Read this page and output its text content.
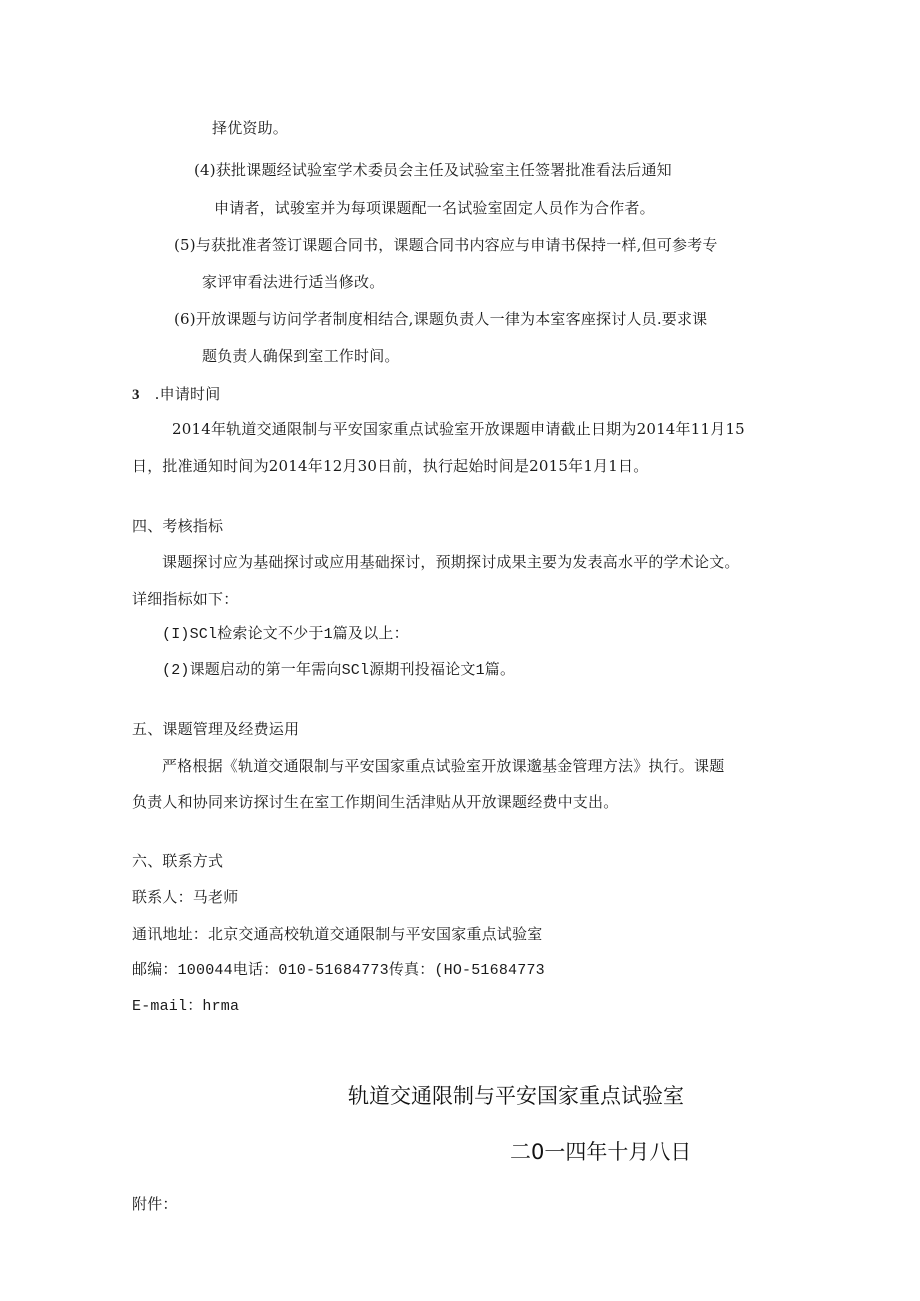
择优资助。
(4)获批课题经试验室学术委员会主任及试验室主任签署批准看法后通知
申请者，试骏室并为每项课题配一名试验室固定人员作为合作者。
(5)与获批准者签订课题合同书，课题合同书内容应与申请书保持一样,但可参考专
家评审看法进行适当修改。
(6)开放课题与访问学者制度相结合,课题负责人一律为本室客座探讨人员.要求课
题负责人确保到室工作时间。
3 .申请时间
2014年轨道交通限制与平安国家重点试验室开放课题申请截止日期为2014年11月15
日，批准通知时间为2014年12月30日前，执行起始时间是2015年1月1日。
四、考核指标
课题探讨应为基础探讨或应用基础探讨，预期探讨成果主要为发表高水平的学术论文。
详细指标如下：
(I)SCl检索论文不少于1篇及以上：
(2)课题启动的第一年需向SCl源期刊投福论文1篇。
五、课题管理及经费运用
严格根据《轨道交通限制与平安国家重点试验室开放课邈基金管理方法》执行。课题
负责人和协同来访探讨生在室工作期间生活津贴从开放课题经费中支出。
六、联系方式
联系人：马老师
通讯地址：北京交通高校轨道交通限制与平安国家重点试验室
邮编：100044电话：010-51684773传真：(HO-51684773
E-mail：hrma
轨道交通限制与平安国家重点试验室
二0一四年十月八日
附件：
